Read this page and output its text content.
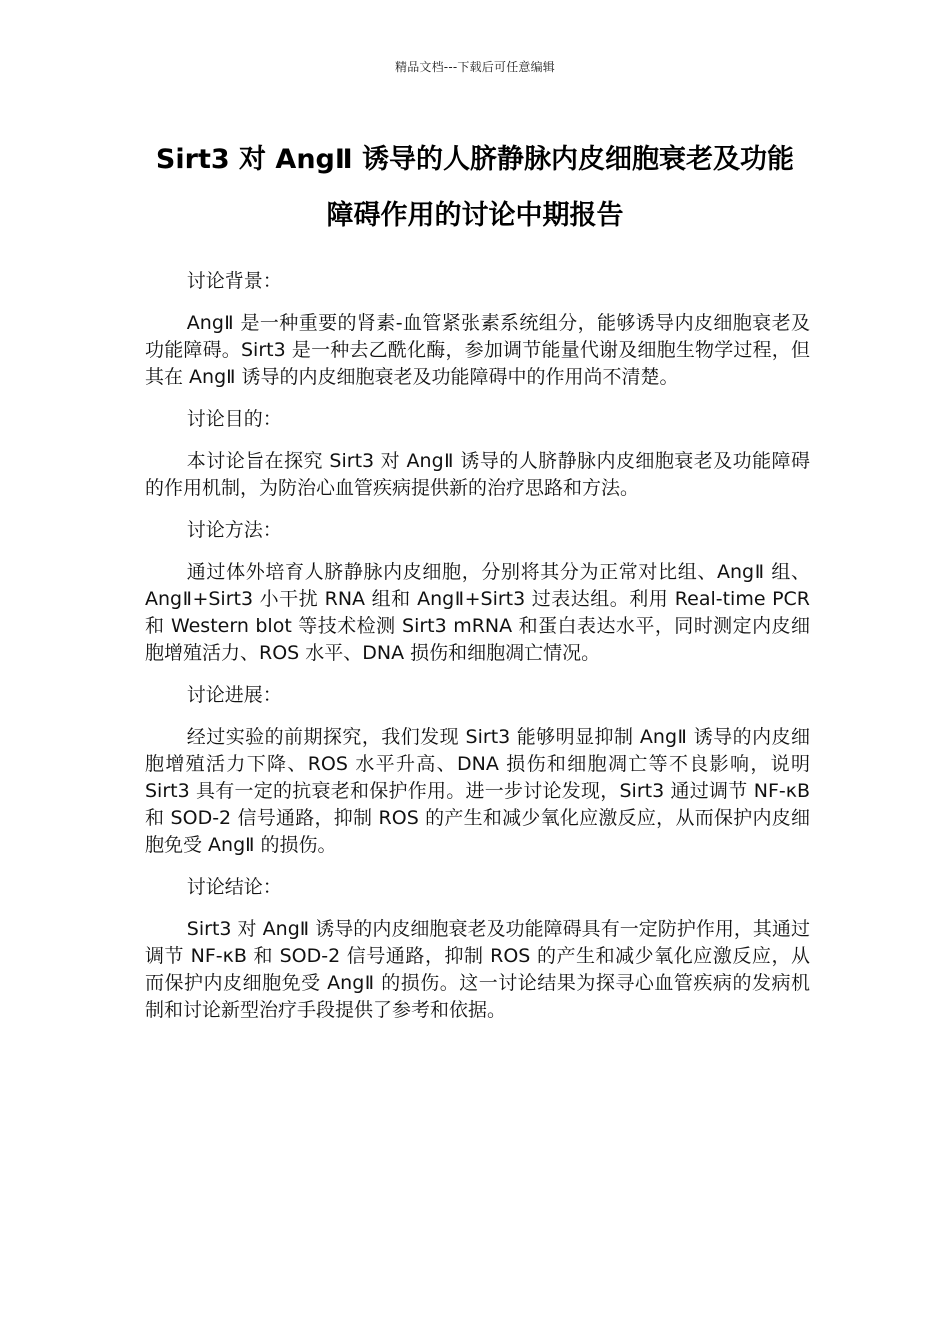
精品文档---下载后可任意编辑
Sirt3 对 AngⅡ 诱导的人脐静脉内皮细胞衰老及功能
障碍作用的讨论中期报告

讨论背景：

AngⅡ 是一种重要的肾素-血管紧张素系统组分，能够诱导内皮细胞衰老及功能障碍。Sirt3 是一种去乙酰化酶，参加调节能量代谢及细胞生物学过程，但其在 AngⅡ 诱导的内皮细胞衰老及功能障碍中的作用尚不清楚。

讨论目的：

本讨论旨在探究 Sirt3 对 AngⅡ 诱导的人脐静脉内皮细胞衰老及功能障碍的作用机制，为防治心血管疾病提供新的治疗思路和方法。

讨论方法：

通过体外培育人脐静脉内皮细胞，分别将其分为正常对比组、AngⅡ 组、AngⅡ+Sirt3 小干扰 RNA 组和 AngⅡ+Sirt3 过表达组。利用 Real-time PCR 和 Western blot 等技术检测 Sirt3 mRNA 和蛋白表达水平，同时测定内皮细胞增殖活力、ROS 水平、DNA 损伤和细胞凋亡情况。

讨论进展：

经过实验的前期探究，我们发现 Sirt3 能够明显抑制 AngⅡ 诱导的内皮细胞增殖活力下降、ROS 水平升高、DNA 损伤和细胞凋亡等不良影响，说明 Sirt3 具有一定的抗衰老和保护作用。进一步讨论发现，Sirt3 通过调节 NF-κB 和 SOD-2 信号通路，抑制 ROS 的产生和减少氧化应激反应，从而保护内皮细胞免受 AngⅡ 的损伤。

讨论结论：

Sirt3 对 AngⅡ 诱导的内皮细胞衰老及功能障碍具有一定防护作用，其通过调节 NF-κB 和 SOD-2 信号通路，抑制 ROS 的产生和减少氧化应激反应，从而保护内皮细胞免受 AngⅡ 的损伤。这一讨论结果为探寻心血管疾病的发病机制和讨论新型治疗手段提供了参考和依据。
